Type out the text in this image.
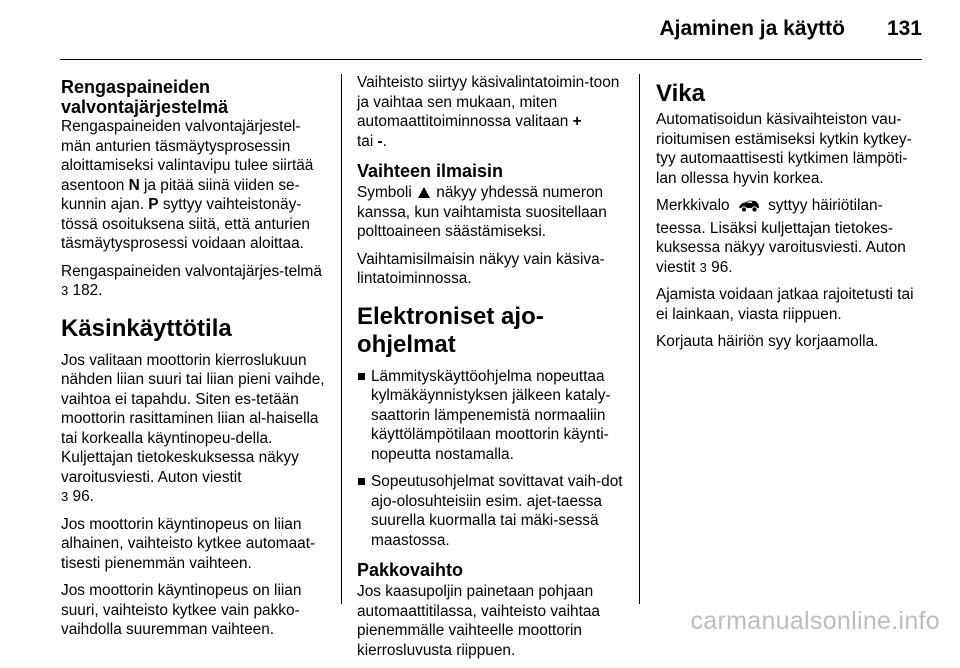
Ajaminen ja käyttö 131
Rengaspaineiden valvontajärjestelmä

Rengaspaineiden valvontajärjestel-män anturien täsmäytysprosessin aloittamiseksi valintavipu tulee siirtää asentoon N ja pitää siinä viiden se-kunnin ajan. P syttyy vaihteistonäy-tössä osoituksena siitä, että anturien täsmäytysprosessi voidaan aloittaa.

Rengaspaineiden valvontajärjes-telmä 3 182.

Käsinkäyttötila

Jos valitaan moottorin kierroslukuun nähden liian suuri tai liian pieni vaihde, vaihtoa ei tapahdu. Siten es-tetään moottorin rasittaminen liian al-haisella tai korkealla käyntinopeu-della. Kuljettajan tietokeskuksessa näkyy varoitusviesti. Auton viestit
3 96.

Jos moottorin käyntinopeus on liian alhainen, vaihteisto kytkee automaat-tisesti pienemmän vaihteen.

Jos moottorin käyntinopeus on liian suuri, vaihteisto kytkee vain pakko-vaihdolla suuremman vaihteen.

Vaihteisto siirtyy käsivalintatoimin-toon ja vaihtaa sen mukaan, miten automaattitoiminnossa valitaan +
tai -.

Vaihteen ilmaisin

Symboli  näkyy yhdessä numeron kanssa, kun vaihtamista suositellaan polttoaineen säästämiseksi.

Vaihtamisilmaisin näkyy vain käsiva-lintatoiminnossa.

Elektroniset ajo-ohjelmat
Lämmityskäyttöohjelma nopeuttaa kylmäkäynnistyksen jälkeen kataly-saattorin lämpenemistä normaaliin käyttölämpötilaan moottorin käynti-nopeutta nostamalla.
Sopeutusohjelmat sovittavat vaih-dot ajo-olosuhteisiin esim. ajet-taessa suurella kuormalla tai mäki-sessä maastossa.
Pakkovaihto

Jos kaasupoljin painetaan pohjaan automaattitilassa, vaihteisto vaihtaa pienemmälle vaihteelle moottorin kierrosluvusta riippuen.

Vika

Automatisoidun käsivaihteiston vau-rioitumisen estämiseksi kytkin kytkey-tyy automaattisesti kytkimen lämpöti-lan ollessa hyvin korkea.

Merkkivalo  syttyy häiriötilan-teessa. Lisäksi kuljettajan tietokes-kuksessa näkyy varoitusviesti. Auton viestit 3 96.

Ajamista voidaan jatkaa rajoitetusti tai ei lainkaan, viasta riippuen.

Korjauta häiriön syy korjaamolla.

carmanualsonline.info
